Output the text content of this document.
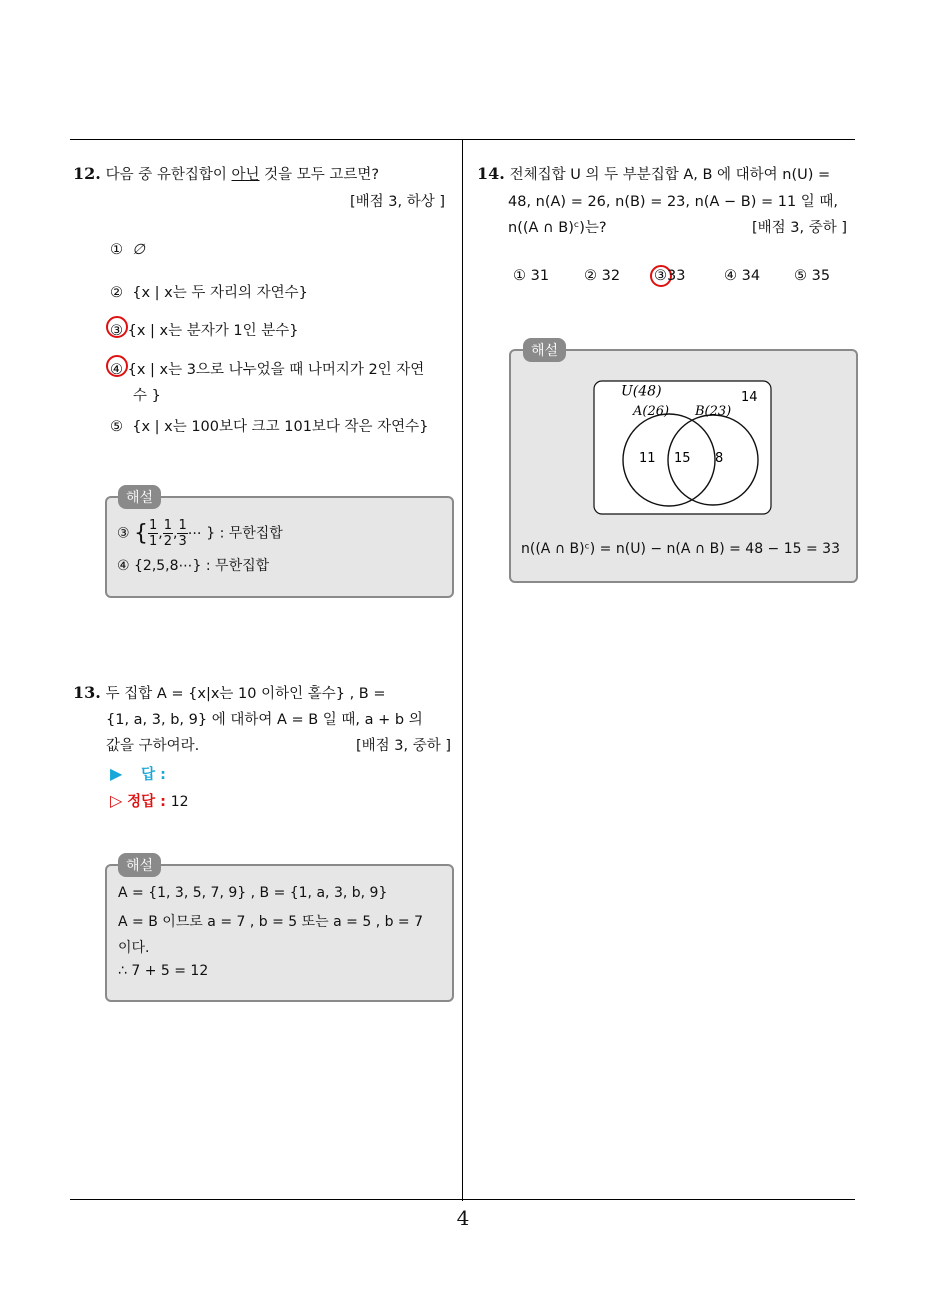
4
12. 다음 중 유한집합이 아닌 것을 모두 고르면?
[배점 3, 하상 ]
① ∅
② {x | x는 두 자리의 자연수}
③ {x | x는 분자가 1인 분수}
④ {x | x는 3으로 나누었을 때 나머지가 2인 자연
수 }
⑤ {x | x는 100보다 크고 101보다 작은 자연수}
해설
③ { $\frac{1}{1}$ , $\frac{1}{2}$ , $\frac{1}{3}$ ⋯ } : 무한집합
④ {2,5,8⋯} : 무한집합
13. 두 집합 A = {x|x는 10 이하인 홀수} , B =
{1, a, 3, b, 9} 에 대하여 A = B 일 때, a + b 의
값을 구하여라.	[배점 3, 중하 ]
▶ 답 :
▷ 정답 : 12
해설
A = {1, 3, 5, 7, 9} , B = {1, a, 3, b, 9}
A = B 이므로 a = 7 , b = 5 또는 a = 5 , b = 7
이다.
∴ 7 + 5 = 12
14. 전체집합 U 의 두 부분집합 A, B 에 대하여 n(U) =
48, n(A) = 26, n(B) = 23, n(A − B) = 11 일 때,
n((A ∩ B)ᶜ)는?	[배점 3, 중하 ]
① 31 ② 32 ③33	④ 34 ⑤ 35
해설
U(48)	14
A(26) B(23)
11 15 8
n((A ∩ B)ᶜ) = n(U) − n(A ∩ B) = 48 − 15 = 33
